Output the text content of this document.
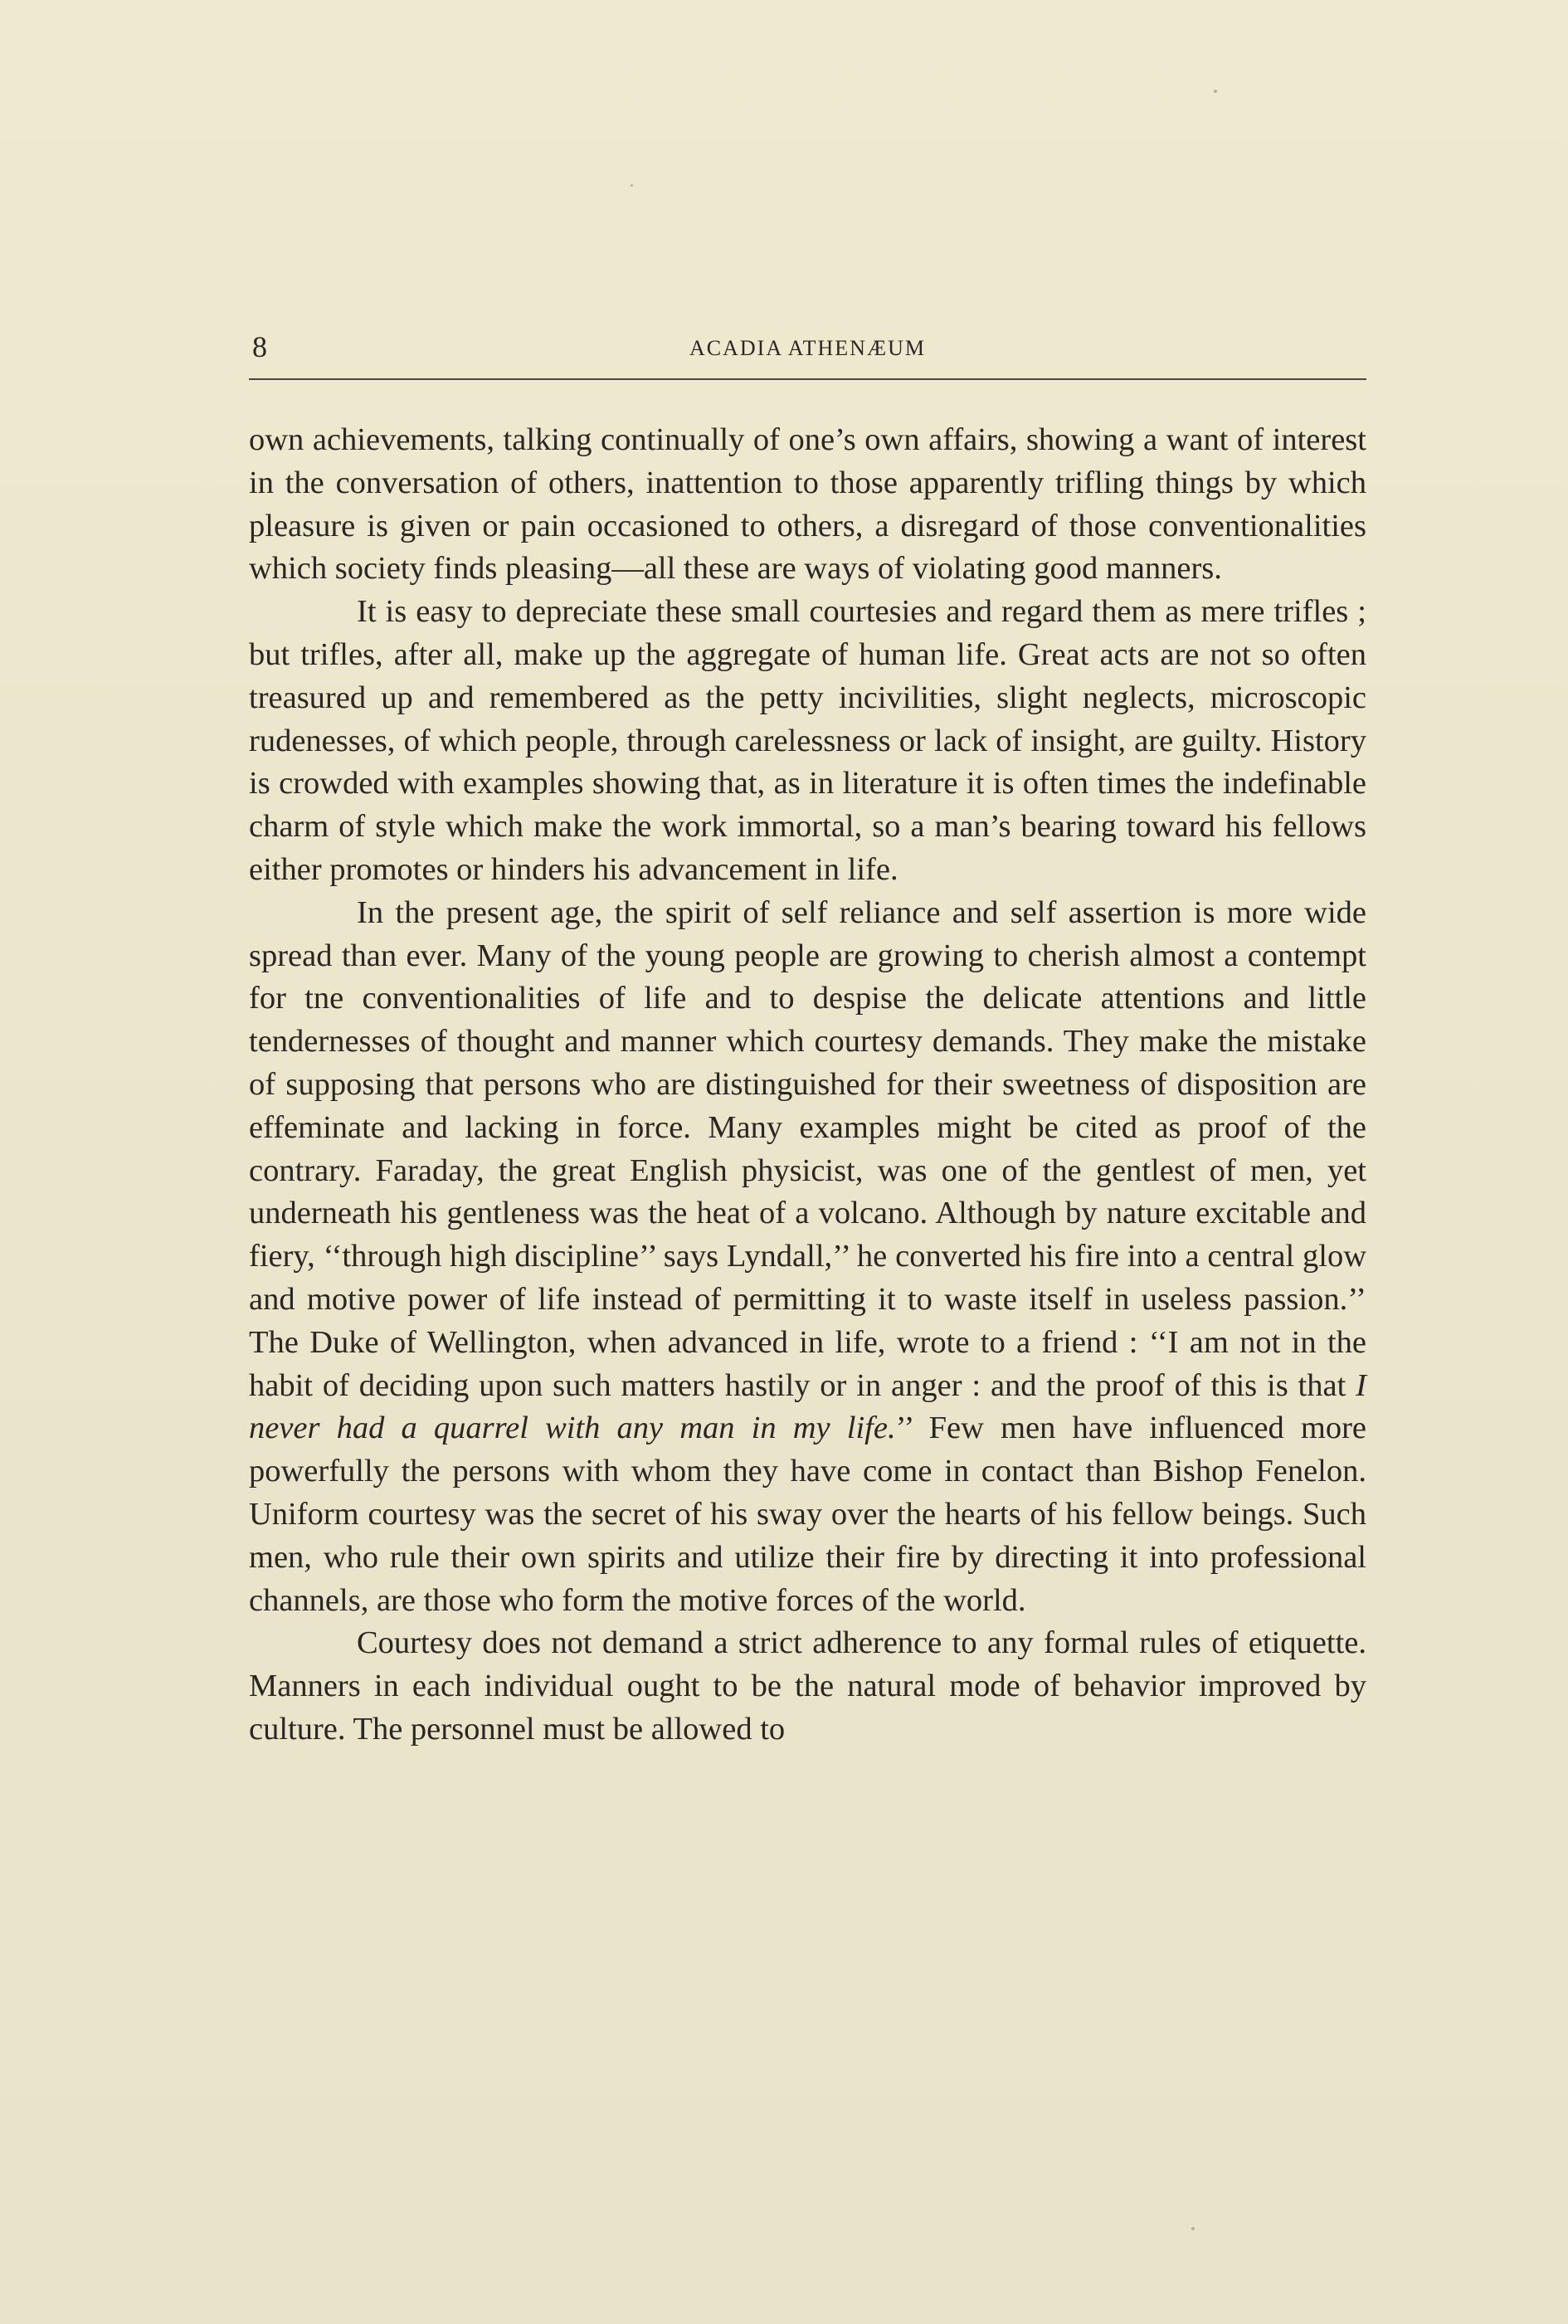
8	ACADIA ATHENÆUM

own achievements, talking continually of one’s own affairs, showing a want of interest in the conversation of others, inattention to those apparently trifling things by which pleasure is given or pain occasioned to others, a disregard of those conventionalities which society finds pleasing—all these are ways of violating good manners.

It is easy to depreciate these small courtesies and regard them as mere trifles ; but trifles, after all, make up the aggregate of human life. Great acts are not so often treasured up and remembered as the petty incivilities, slight neglects, microscopic rudenesses, of which people, through carelessness or lack of insight, are guilty. History is crowded with examples showing that, as in literature it is often times the indefinable charm of style which make the work immortal, so a man’s bearing toward his fellows either promotes or hinders his advancement in life.

In the present age, the spirit of self reliance and self assertion is more wide spread than ever. Many of the young people are growing to cherish almost a contempt for tne conventionalities of life and to despise the delicate attentions and little tendernesses of thought and manner which courtesy demands. They make the mistake of supposing that persons who are distinguished for their sweetness of disposition are effeminate and lacking in force. Many examples might be cited as proof of the contrary. Faraday, the great English physicist, was one of the gentlest of men, yet underneath his gentleness was the heat of a volcano. Although by nature excitable and fiery, ‘‘through high discipline’’ says Lyndall,’’ he converted his fire into a central glow and motive power of life instead of permitting it to waste itself in useless passion.’’ The Duke of Wellington, when advanced in life, wrote to a friend : ‘‘I am not in the habit of deciding upon such matters hastily or in anger : and the proof of this is that I never had a quarrel with any man in my life.’’ Few men have influenced more powerfully the persons with whom they have come in contact than Bishop Fenelon. Uniform courtesy was the secret of his sway over the hearts of his fellow beings. Such men, who rule their own spirits and utilize their fire by directing it into professional channels, are those who form the motive forces of the world.

Courtesy does not demand a strict adherence to any formal rules of etiquette. Manners in each individual ought to be the natural mode of behavior improved by culture. The personnel must be allowed to
